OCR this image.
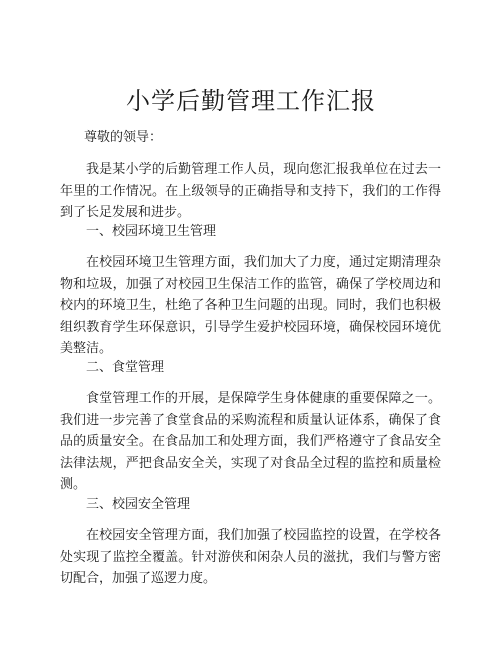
小学后勤管理工作汇报

尊敬的领导：

我是某小学的后勤管理工作人员，现向您汇报我单位在过去一年里的工作情况。在上级领导的正确指导和支持下，我们的工作得到了长足发展和进步。

一、校园环境卫生管理

在校园环境卫生管理方面，我们加大了力度，通过定期清理杂物和垃圾，加强了对校园卫生保洁工作的监管，确保了学校周边和校内的环境卫生，杜绝了各种卫生问题的出现。同时，我们也积极组织教育学生环保意识，引导学生爱护校园环境，确保校园环境优美整洁。

二、食堂管理

食堂管理工作的开展，是保障学生身体健康的重要保障之一。我们进一步完善了食堂食品的采购流程和质量认证体系，确保了食品的质量安全。在食品加工和处理方面，我们严格遵守了食品安全法律法规，严把食品安全关，实现了对食品全过程的监控和质量检测。

三、校园安全管理

在校园安全管理方面，我们加强了校园监控的设置，在学校各处实现了监控全覆盖。针对游侠和闲杂人员的滋扰，我们与警方密切配合，加强了巡逻力度。
